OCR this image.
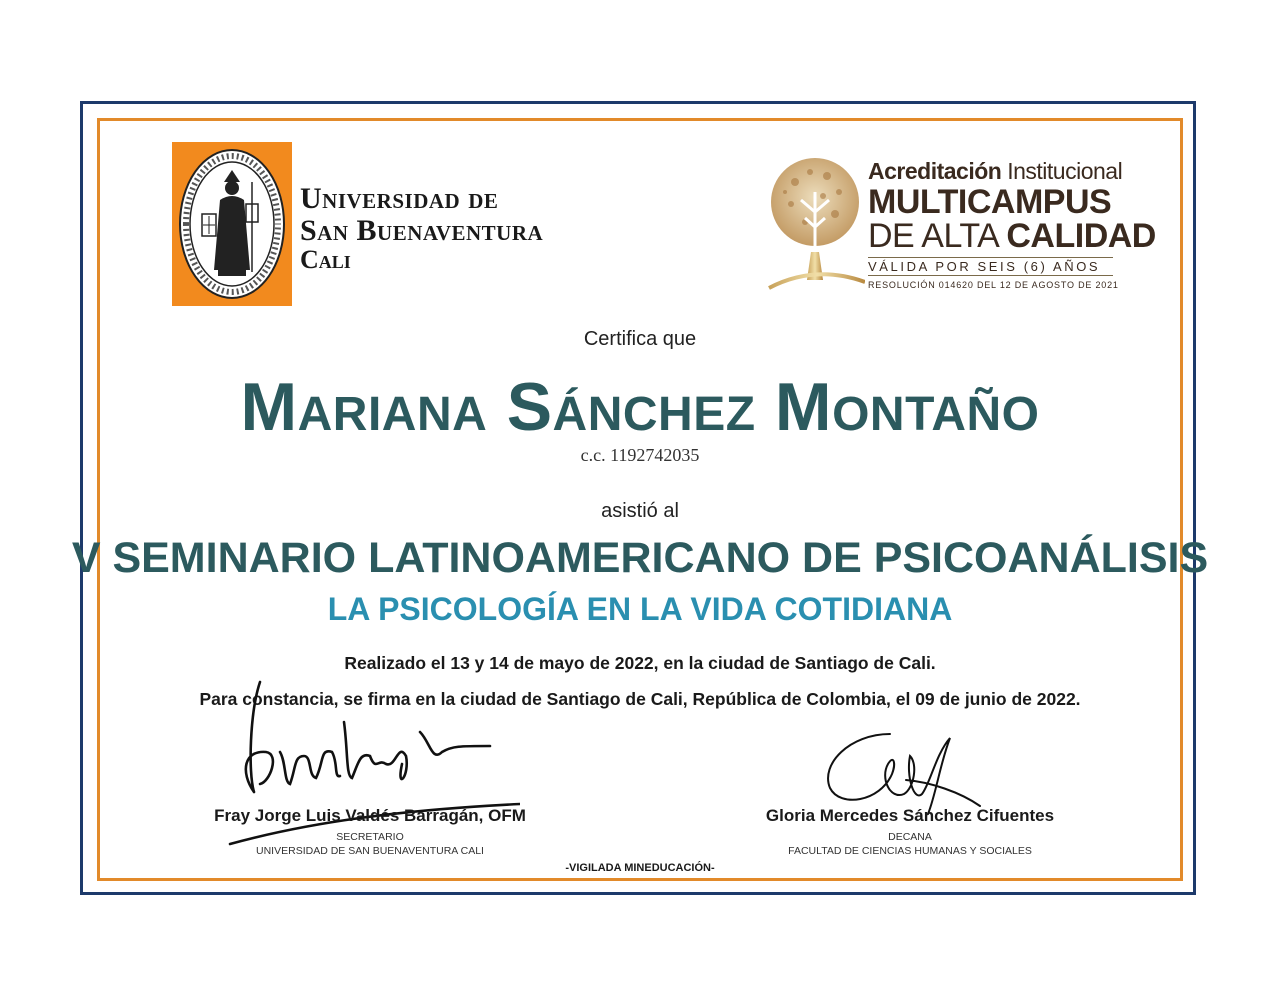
Universidad de
San Buenaventura
Cali
Acreditación Institucional
MULTICAMPUS
DE ALTA CALIDAD
VÁLIDA POR SEIS (6) AÑOS
RESOLUCIÓN 014620 DEL 12 DE AGOSTO DE 2021
Certifica que
Mariana Sánchez Montaño
c.c. 1192742035
asistió al
V SEMINARIO LATINOAMERICANO DE PSICOANÁLISIS
LA PSICOLOGÍA EN LA VIDA COTIDIANA
Realizado el 13 y 14 de mayo de 2022, en la ciudad de Santiago de Cali.
Para constancia, se firma en la ciudad de Santiago de Cali, República de Colombia, el 09 de junio de 2022.
Fray Jorge Luis Valdés Barragán, OFM
SECRETARIO
UNIVERSIDAD DE SAN BUENAVENTURA CALI
Gloria Mercedes Sánchez Cifuentes
DECANA
FACULTAD DE CIENCIAS HUMANAS Y SOCIALES
-VIGILADA MINEDUCACIÓN-
